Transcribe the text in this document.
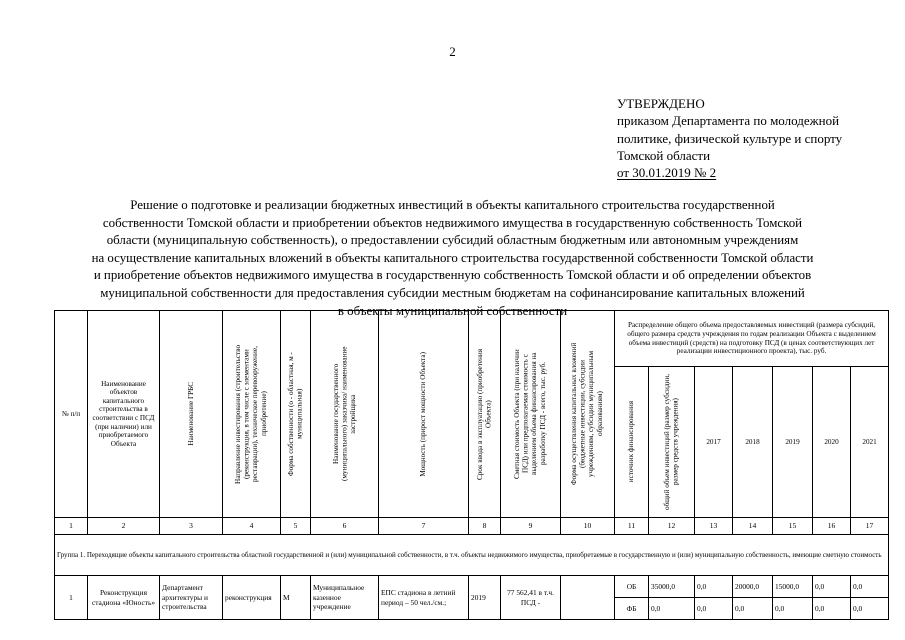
2
УТВЕРЖДЕНО
приказом Департамента по молодежной
политике, физической культуре и спорту
Томской области
от 30.01.2019 № 2
Решение о подготовке и реализации бюджетных инвестиций в объекты капитального строительства государственной
собственности Томской области и приобретении объектов недвижимого имущества в государственную собственность Томской
области (муниципальную собственность), о предоставлении субсидий областным бюджетным или автономным учреждениям
на осуществление капитальных вложений в объекты капитального строительства государственной собственности Томской области
и приобретение объектов недвижимого имущества в государственную собственность Томской области и об определении объектов
муниципальной собственности для предоставления субсидии местным бюджетам на софинансирование капитальных вложений
в объекты муниципальной собственности
№ п/п	Наименование объектов капитального строительства в соответствии с ПСД (при наличии) или приобретаемого Объекта	Наименование ГРБС	Направление инвестирования (строительство (реконструкция, в том числе с элементами реставрации), техническое перевооружение, приобретение)	Форма собственности (о - областная, м - муниципальная)	Наименование государственного (муниципального) заказчика/ наименование застройщика	Мощность (прирост мощности Объекта)	Срок ввода в эксплуатацию (приобретения Объекта)	Сметная стоимость Объекта (при наличии ПСД) или предполагаемая стоимость с выделением объема финансирования на разработку ПСД - всего, тыс. руб.	Форма осуществления капитальных вложений (бюджетные инвестиции, субсидии учреждениям, субсидии муниципальным образованиям)	Распределение общего объема предоставляемых инвестиций (размера субсидий, общего размера средств учреждения по годам реализации Объекта с выделением объема инвестиций (средств) на подготовку ПСД (в ценах соответствующих лет реализации инвестиционного проекта), тыс. руб.						

										источник финансирования	общий объем инвестиций (размер субсидии, размер средств учреждения)	2017	2018	2019	2020	2021
1	2	3	4	5	6	7	8	9	10	11	12	13	14	15	16	17
Группа 1. Переходящие объекты капитального строительства областной государственной и (или) муниципальной собственности, в т.ч. объекты недвижимого имущества, приобретаемые в государственную и (или) муниципальную собственность, имеющие сметную стоимость																
1	Реконструкция стадиона «Юность»	Департамент архитектуры и строительства	реконструкция	М	Муниципальное казенное учреждение	ЕПС стадиона в летний период – 50 чел./см.;	2019	77 562,41 в т.ч. ПСД -		ОБ	35000,0	0,0	20000,0	15000,0	0,0	0,0
										ФБ	0,0	0,0	0,0	0,0	0,0	0,0
